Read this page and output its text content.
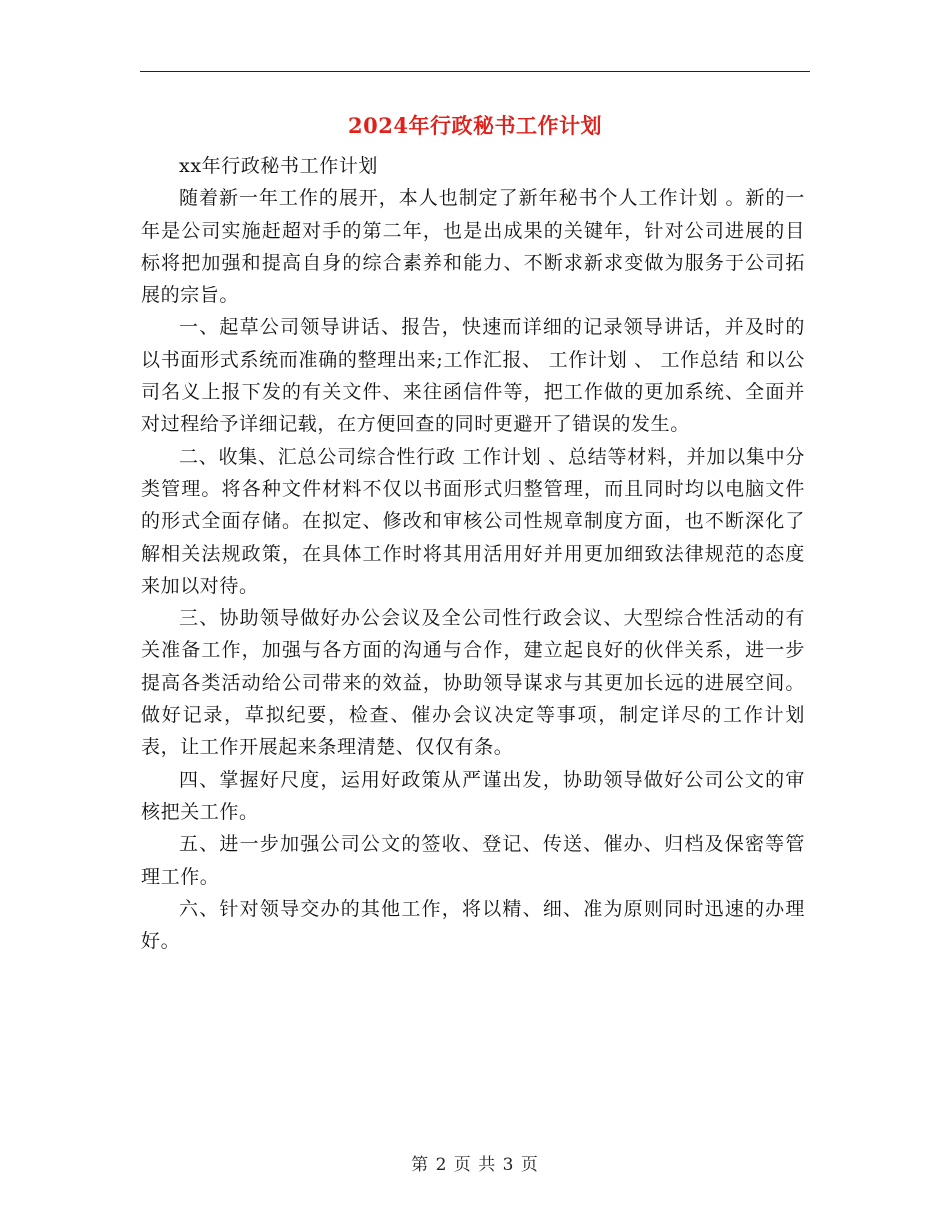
2024年行政秘书工作计划

xx年行政秘书工作计划

随着新一年工作的展开，本人也制定了新年秘书个人工作计划 。新的一年是公司实施赶超对手的第二年，也是出成果的关键年，针对公司进展的目标将把加强和提高自身的综合素养和能力、不断求新求变做为服务于公司拓展的宗旨。

一、起草公司领导讲话、报告，快速而详细的记录领导讲话，并及时的以书面形式系统而准确的整理出来;工作汇报、 工作计划 、 工作总结 和以公司名义上报下发的有关文件、来往函信件等，把工作做的更加系统、全面并对过程给予详细记载，在方便回查的同时更避开了错误的发生。

二、收集、汇总公司综合性行政 工作计划 、总结等材料，并加以集中分类管理。将各种文件材料不仅以书面形式归整管理，而且同时均以电脑文件的形式全面存储。在拟定、修改和审核公司性规章制度方面，也不断深化了解相关法规政策，在具体工作时将其用活用好并用更加细致法律规范的态度来加以对待。

三、协助领导做好办公会议及全公司性行政会议、大型综合性活动的有关准备工作，加强与各方面的沟通与合作，建立起良好的伙伴关系，进一步提高各类活动给公司带来的效益，协助领导谋求与其更加长远的进展空间。做好记录，草拟纪要，检查、催办会议决定等事项，制定详尽的工作计划表，让工作开展起来条理清楚、仅仅有条。

四、掌握好尺度，运用好政策从严谨出发，协助领导做好公司公文的审核把关工作。

五、进一步加强公司公文的签收、登记、传送、催办、归档及保密等管理工作。

六、针对领导交办的其他工作，将以精、细、准为原则同时迅速的办理好。

第 2 页 共 3 页
